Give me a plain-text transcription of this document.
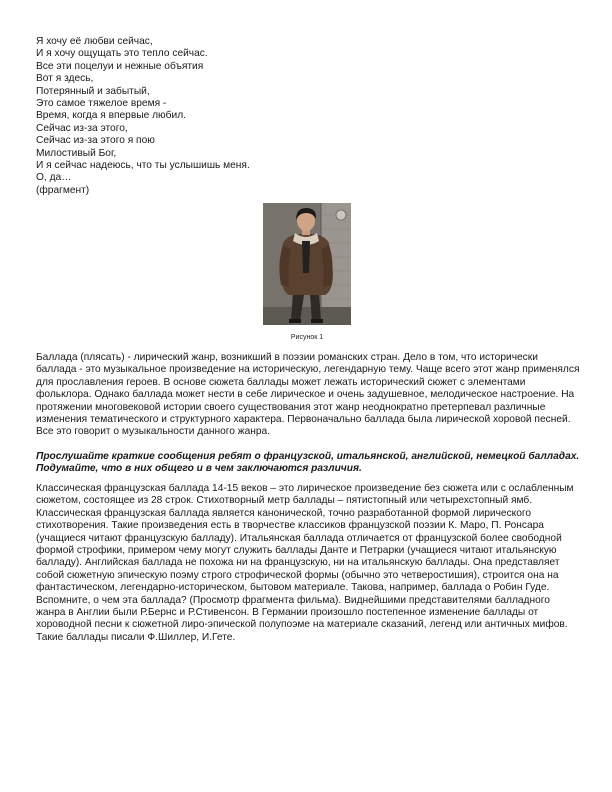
Я хочу её любви сейчас,
И я хочу ощущать это тепло сейчас.
Все эти поцелуи и нежные объятия
Вот я здесь,
Потерянный и забытый,
Это самое тяжелое время -
Время, когда я впервые любил.
Сейчас из-за этого,
Сейчас из-за этого я пою
Милостивый Бог,
И я сейчас надеюсь, что ты услышишь меня.
О, да…
(фрагмент)
Рисунок 1
Баллада (плясать) - лирический жанр, возникший в поэзии романских стран. Дело в том, что исторически баллада - это музыкальное произведение на историческую, легендарную тему. Чаще всего этот жанр применялся для прославления героев. В основе сюжета баллады может лежать исторический сюжет с элементами фольклора. Однако баллада может нести в себе лирическое и очень задушевное, мелодическое настроение. На протяжении многовековой истории своего существования этот жанр неоднократно претерпевал различные изменения тематического и структурного характера. Первоначально баллада была лирической хоровой песней. Все это говорит о музыкальности данного жанра.
Прослушайте краткие сообщения ребят о французской, итальянской, английской, немецкой балладах. Подумайте, что в них общего и в чем заключаются различия.
Классическая французская баллада 14-15 веков – это лирическое произведение без сюжета или с ослабленным сюжетом, состоящее из 28 строк. Стихотворный метр баллады – пятистопный или четырехстопный ямб. Классическая французская баллада является канонической, точно разработанной формой лирического стихотворения. Такие произведения есть в творчестве классиков французской поэзии К. Маро, П. Ронсара (учащиеся читают французскую балладу). Итальянская баллада отличается от французской более свободной формой строфики, примером чему могут служить баллады Данте и Петрарки (учащиеся читают итальянскую балладу). Английская баллада не похожа ни на французскую, ни на итальянскую баллады. Она представляет собой сюжетную эпическую поэму строго строфической формы (обычно это четверостишия), строится она на фантастическом, легендарно-историческом, бытовом материале. Такова, например, баллада о Робин Гуде. Вспомните, о чем эта баллада? (Просмотр фрагмента фильма). Виднейшими представителями балладного жанра в Англии были Р.Бернс и Р.Стивенсон. В Германии произошло постепенное изменение баллады от хороводной песни к сюжетной лиро-эпической полупоэме на материале сказаний, легенд или античных мифов. Такие баллады писали Ф.Шиллер, И.Гете.
